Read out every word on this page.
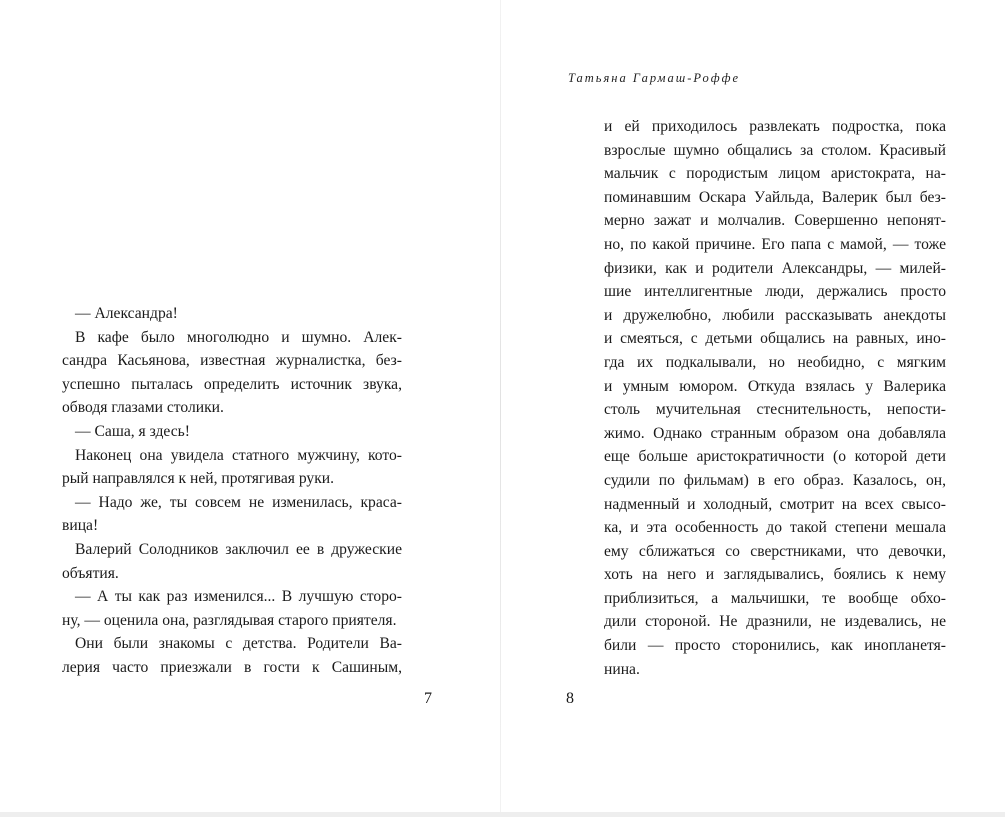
— Александра!
В кафе было многолюдно и шумно. Алек-
сандра Касьянова, известная журналистка, без-
успешно пыталась определить источник звука,
обводя глазами столики.
— Саша, я здесь!
Наконец она увидела статного мужчину, кото-
рый направлялся к ней, протягивая руки.
— Надо же, ты совсем не изменилась, краса-
вица!
Валерий Солодников заключил ее в дружеские
объятия.
— А ты как раз изменился... В лучшую сторо-
ну, — оценила она, разглядывая старого приятеля.
Они были знакомы с детства. Родители Ва-
лерия часто приезжали в гости к Сашиным,
7
Татьяна Гармаш-Роффе
и ей приходилось развлекать подростка, пока
взрослые шумно общались за столом. Красивый
мальчик с породистым лицом аристократа, на-
поминавшим Оскара Уайльда, Валерик был без-
мерно зажат и молчалив. Совершенно непонят-
но, по какой причине. Его папа с мамой, — тоже
физики, как и родители Александры, — милей-
шие интеллигентные люди, держались просто
и дружелюбно, любили рассказывать анекдоты
и смеяться, с детьми общались на равных, ино-
гда их подкалывали, но необидно, с мягким
и умным юмором. Откуда взялась у Валерика
столь мучительная стеснительность, непости-
жимо. Однако странным образом она добавляла
еще больше аристократичности (о которой дети
судили по фильмам) в его образ. Казалось, он,
надменный и холодный, смотрит на всех свысо-
ка, и эта особенность до такой степени мешала
ему сближаться со сверстниками, что девочки,
хоть на него и заглядывались, боялись к нему
приблизиться, а мальчишки, те вообще обхо-
дили стороной. Не дразнили, не издевались, не
били — просто сторонились, как инопланетя-
нина.
8
